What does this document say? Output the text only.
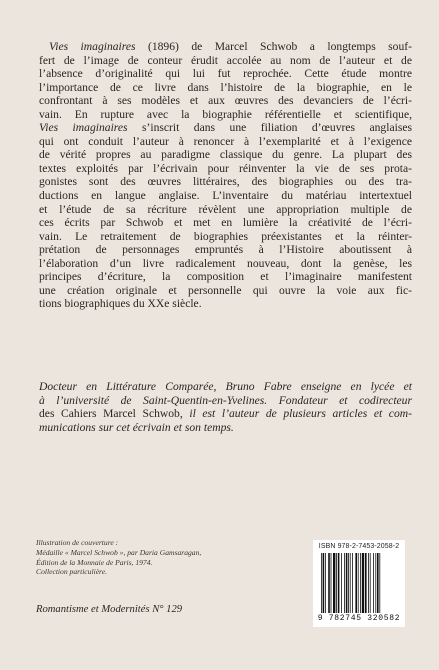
Vies imaginaires (1896) de Marcel Schwob a longtemps souf-
fert de l’image de conteur érudit accolée au nom de l’auteur et de
l’absence d’originalité qui lui fut reprochée. Cette étude montre
l’importance de ce livre dans l’histoire de la biographie, en le
confrontant à ses modèles et aux œuvres des devanciers de l’écri-
vain. En rupture avec la biographie référentielle et scientifique,
Vies imaginaires s’inscrit dans une filiation d’œuvres anglaises
qui ont conduit l’auteur à renoncer à l’exemplarité et à l’exigence
de vérité propres au paradigme classique du genre. La plupart des
textes exploités par l’écrivain pour réinventer la vie de ses prota-
gonistes sont des œuvres littéraires, des biographies ou des tra-
ductions en langue anglaise. L’inventaire du matériau intertextuel
et l’étude de sa récriture révèlent une appropriation multiple de
ces écrits par Schwob et met en lumière la créativité de l’écri-
vain. Le retraitement de biographies préexistantes et la réinter-
prétation de personnages empruntés à l’Histoire aboutissent à
l’élaboration d’un livre radicalement nouveau, dont la genèse, les
principes d’écriture, la composition et l’imaginaire manifestent
une création originale et personnelle qui ouvre la voie aux fic-
tions biographiques du XXe siècle.
Docteur en Littérature Comparée, Bruno Fabre enseigne en lycée et
à l’université de Saint-Quentin-en-Yvelines. Fondateur et codirecteur
des Cahiers Marcel Schwob, il est l’auteur de plusieurs articles et com-
munications sur cet écrivain et son temps.
Illustration de couverture :
Médaille « Marcel Schwob », par Daria Gamsaragan,
Édition de la Monnaie de Paris, 1974.
Collection particulière.
Romantisme et Modernités N° 129
ISBN 978-2-7453-2058-2
9 782745 320582
